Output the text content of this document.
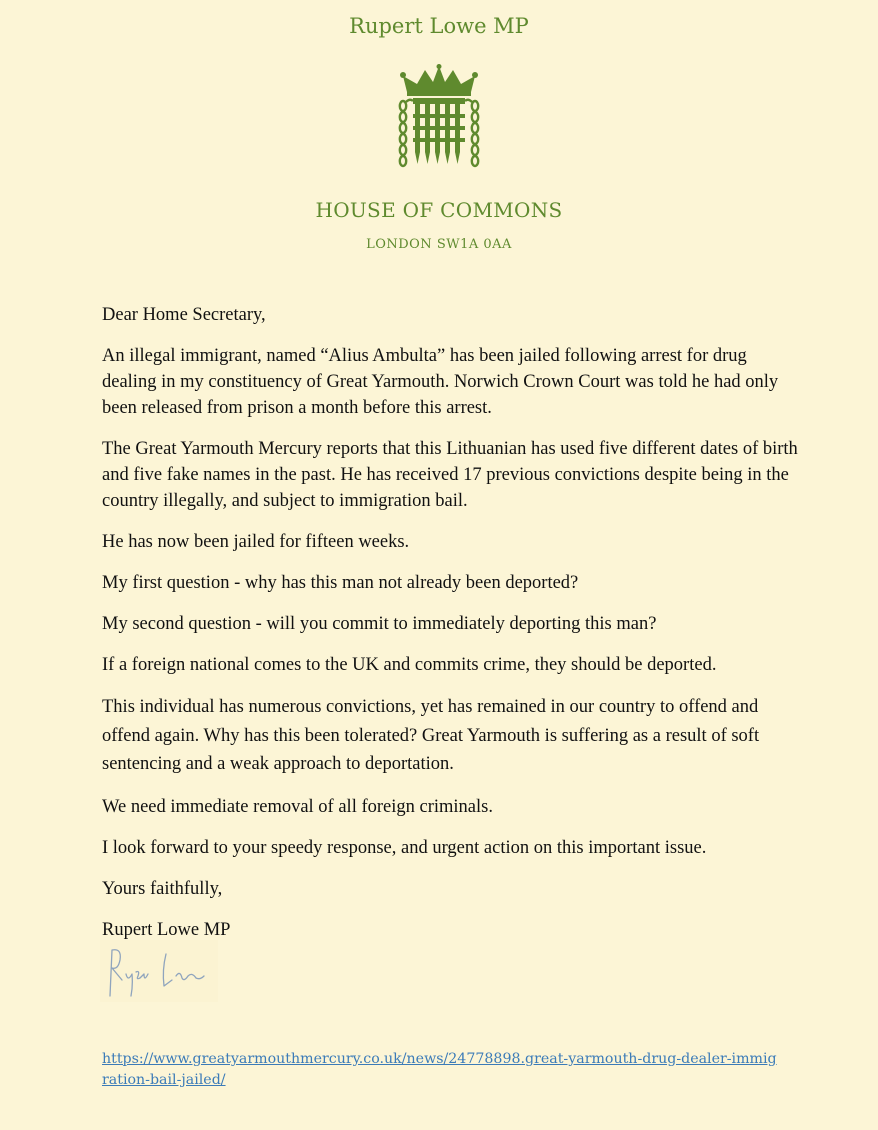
Rupert Lowe MP
HOUSE OF COMMONS
LONDON SW1A 0AA

Dear Home Secretary,

An illegal immigrant, named “Alius Ambulta” has been jailed following arrest for drug dealing in my constituency of Great Yarmouth. Norwich Crown Court was told he had only been released from prison a month before this arrest.

The Great Yarmouth Mercury reports that this Lithuanian has used five different dates of birth and five fake names in the past. He has received 17 previous convictions despite being in the country illegally, and subject to immigration bail.

He has now been jailed for fifteen weeks.

My first question - why has this man not already been deported?

My second question - will you commit to immediately deporting this man?

If a foreign national comes to the UK and commits crime, they should be deported.

This individual has numerous convictions, yet has remained in our country to offend and offend again. Why has this been tolerated? Great Yarmouth is suffering as a result of soft sentencing and a weak approach to deportation.

We need immediate removal of all foreign criminals.

I look forward to your speedy response, and urgent action on this important issue.

Yours faithfully,

Rupert Lowe MP

https://www.greatyarmouthmercury.co.uk/news/24778898.great-yarmouth-drug-dealer-immigration-bail-jailed/
